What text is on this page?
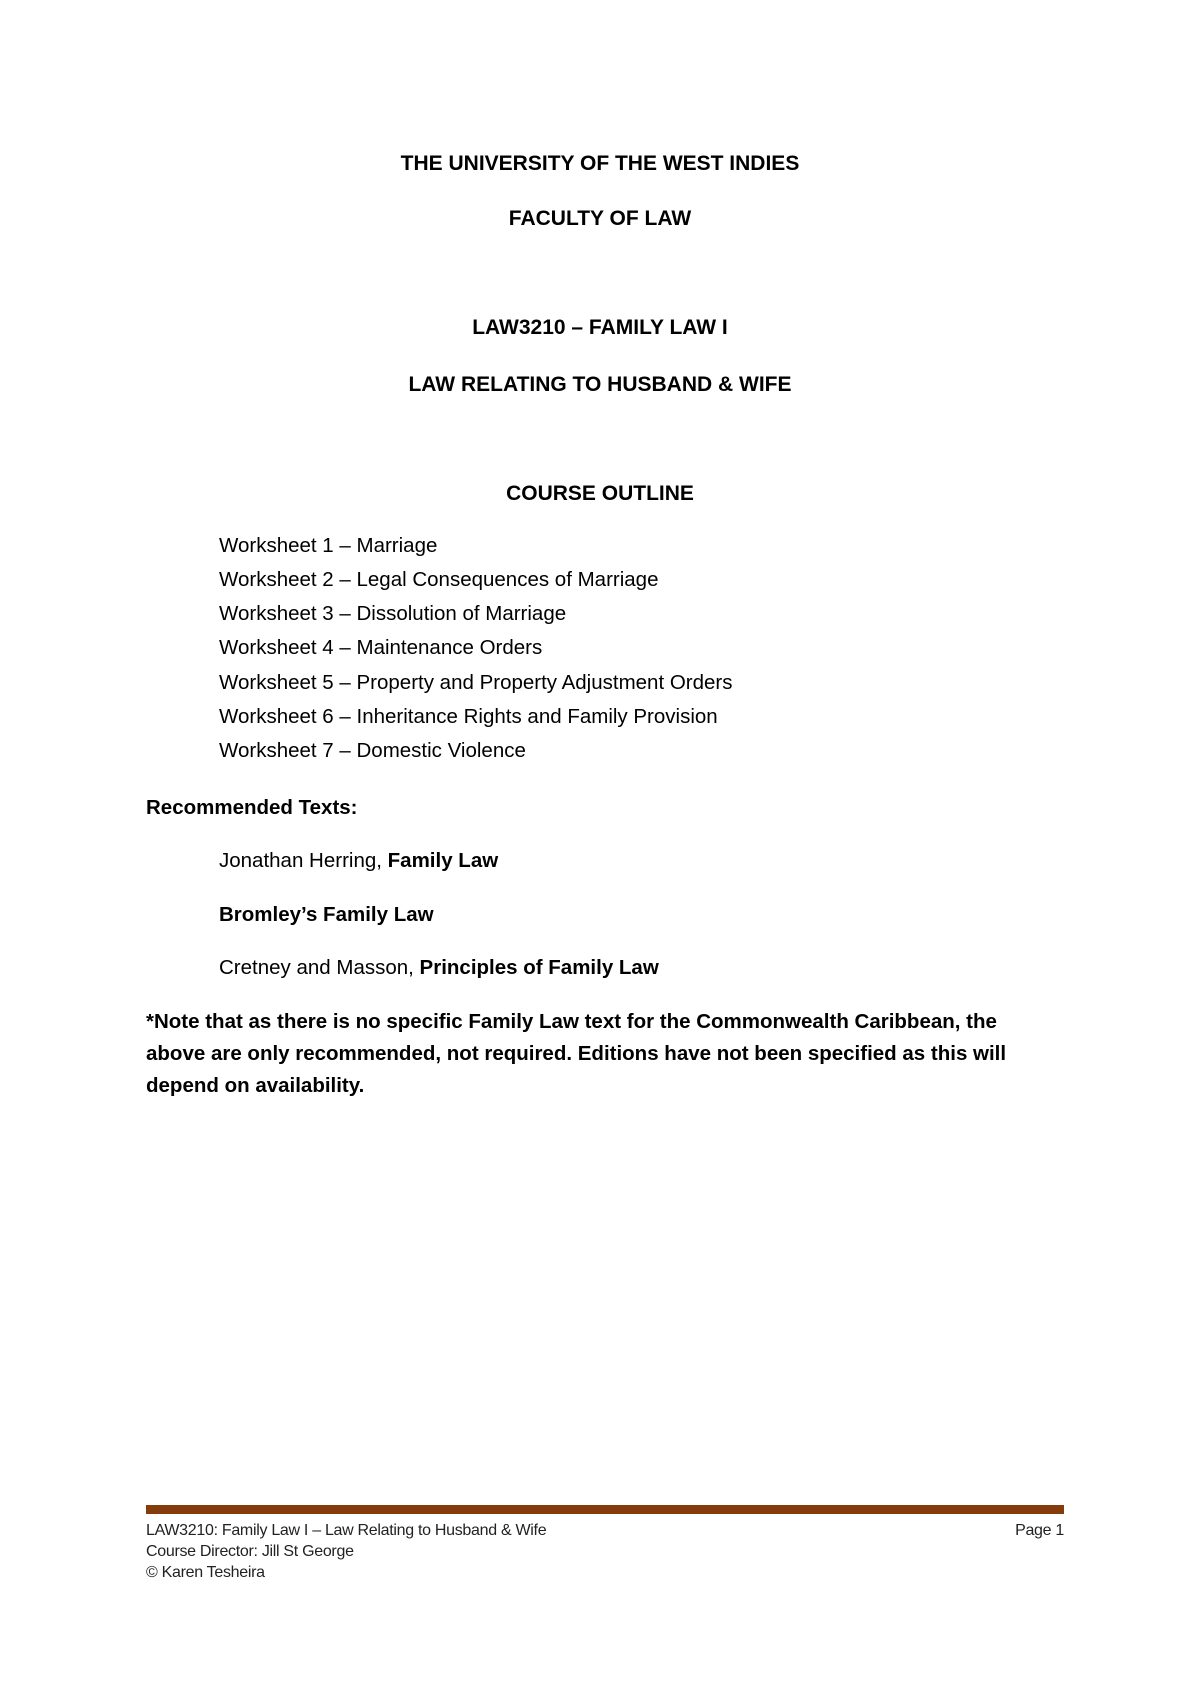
THE UNIVERSITY OF THE WEST INDIES
FACULTY OF LAW
LAW3210 – FAMILY LAW I
LAW RELATING TO HUSBAND & WIFE
COURSE OUTLINE
Worksheet 1 – Marriage
Worksheet 2 – Legal Consequences of Marriage
Worksheet 3 – Dissolution of Marriage
Worksheet 4 – Maintenance Orders
Worksheet 5 – Property and Property Adjustment Orders
Worksheet 6 – Inheritance Rights and Family Provision
Worksheet 7 – Domestic Violence
Recommended Texts:
Jonathan Herring, Family Law
Bromley’s Family Law
Cretney and Masson, Principles of Family Law
*Note that as there is no specific Family Law text for the Commonwealth Caribbean, the
above are only recommended, not required. Editions have not been specified as this will
depend on availability.
LAW3210: Family Law I – Law Relating to Husband & Wife
Course Director: Jill St George
© Karen Tesheira
Page 1
